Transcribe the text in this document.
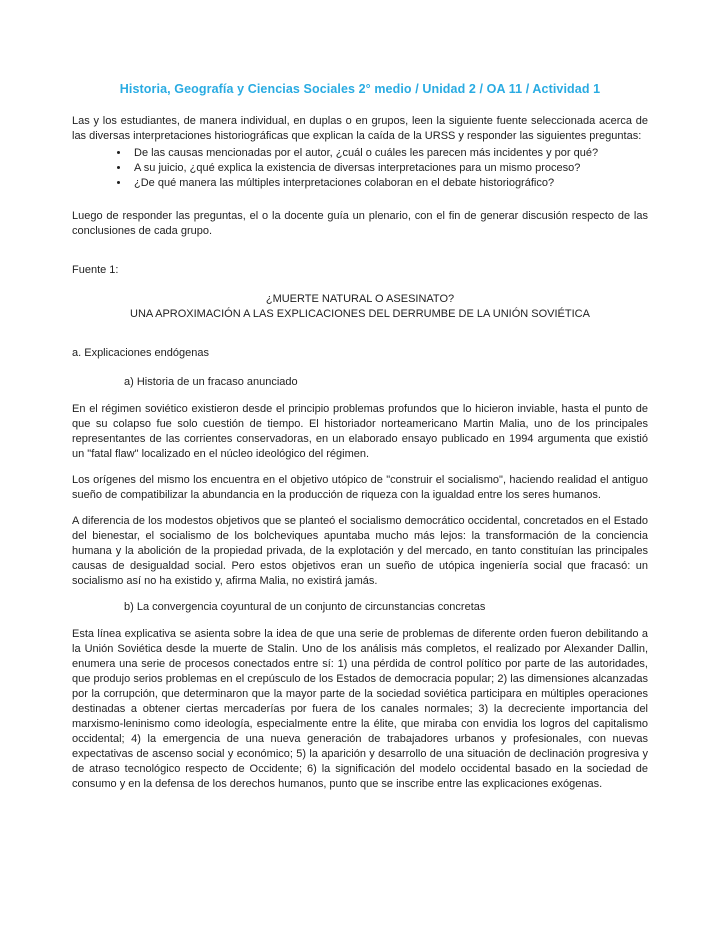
Historia, Geografía y Ciencias Sociales 2° medio / Unidad 2 / OA 11 / Actividad 1

Las y los estudiantes, de manera individual, en duplas o en grupos, leen la siguiente fuente seleccionada acerca de las diversas interpretaciones historiográficas que explican la caída de la URSS y responder las siguientes preguntas:

• De las causas mencionadas por el autor, ¿cuál o cuáles les parecen más incidentes y por qué?
• A su juicio, ¿qué explica la existencia de diversas interpretaciones para un mismo proceso?
• ¿De qué manera las múltiples interpretaciones colaboran en el debate historiográfico?

Luego de responder las preguntas, el o la docente guía un plenario, con el fin de generar discusión respecto de las conclusiones de cada grupo.

Fuente 1:

¿MUERTE NATURAL O ASESINATO?
UNA APROXIMACIÓN A LAS EXPLICACIONES DEL DERRUMBE DE LA UNIÓN SOVIÉTICA

a. Explicaciones endógenas

a) Historia de un fracaso anunciado

En el régimen soviético existieron desde el principio problemas profundos que lo hicieron inviable, hasta el punto de que su colapso fue solo cuestión de tiempo. El historiador norteamericano Martin Malia, uno de los principales representantes de las corrientes conservadoras, en un elaborado ensayo publicado en 1994 argumenta que existió un "fatal flaw" localizado en el núcleo ideológico del régimen.

Los orígenes del mismo los encuentra en el objetivo utópico de "construir el socialismo", haciendo realidad el antiguo sueño de compatibilizar la abundancia en la producción de riqueza con la igualdad entre los seres humanos.

A diferencia de los modestos objetivos que se planteó el socialismo democrático occidental, concretados en el Estado del bienestar, el socialismo de los bolcheviques apuntaba mucho más lejos: la transformación de la conciencia humana y la abolición de la propiedad privada, de la explotación y del mercado, en tanto constituían las principales causas de desigualdad social. Pero estos objetivos eran un sueño de utópica ingeniería social que fracasó: un socialismo así no ha existido y, afirma Malia, no existirá jamás.

b) La convergencia coyuntural de un conjunto de circunstancias concretas

Esta línea explicativa se asienta sobre la idea de que una serie de problemas de diferente orden fueron debilitando a la Unión Soviética desde la muerte de Stalin. Uno de los análisis más completos, el realizado por Alexander Dallin, enumera una serie de procesos conectados entre sí: 1) una pérdida de control político por parte de las autoridades, que produjo serios problemas en el crepúsculo de los Estados de democracia popular; 2) las dimensiones alcanzadas por la corrupción, que determinaron que la mayor parte de la sociedad soviética participara en múltiples operaciones destinadas a obtener ciertas mercaderías por fuera de los canales normales; 3) la decreciente importancia del marxismo-leninismo como ideología, especialmente entre la élite, que miraba con envidia los logros del capitalismo occidental; 4) la emergencia de una nueva generación de trabajadores urbanos y profesionales, con nuevas expectativas de ascenso social y económico; 5) la aparición y desarrollo de una situación de declinación progresiva y de atraso tecnológico respecto de Occidente; 6) la significación del modelo occidental basado en la sociedad de consumo y en la defensa de los derechos humanos, punto que se inscribe entre las explicaciones exógenas.
